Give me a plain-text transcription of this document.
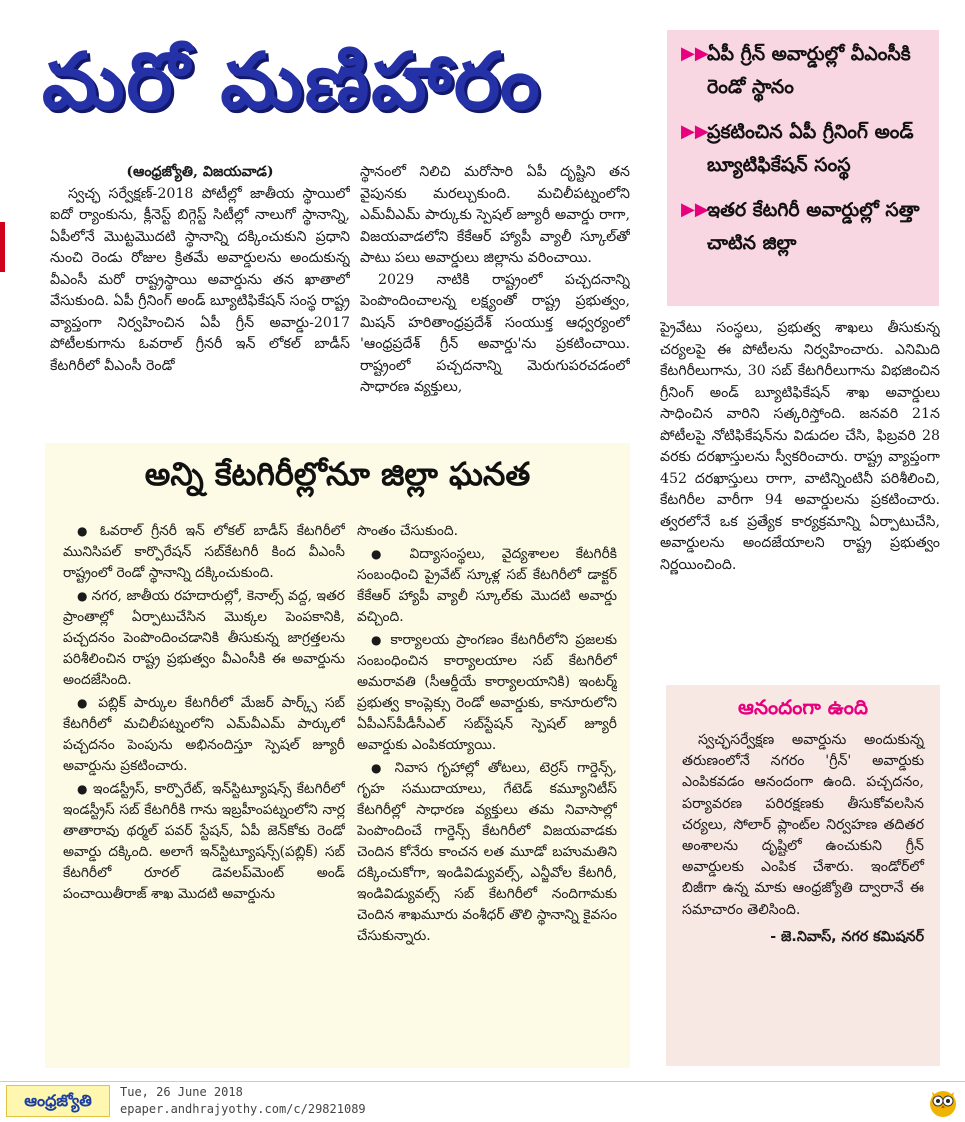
మరో మణిహారం	▶▶
ఏపీ గ్రీన్ అవార్డుల్లో వీఎంసీకి రెండో స్థానం
▶▶
ప్రకటించిన ఏపీ గ్రీనింగ్ అండ్ బ్యూటిఫికేషన్ సంస్థ
▶▶
ఇతర కేటగిరీ అవార్డుల్లో సత్తా చాటిన జిల్లా

(ఆంధ్రజ్యోతి, విజయవాడ)

స్వచ్ఛ సర్వేక్షణ్-2018 పోటీల్లో జాతీయ స్థాయిలో ఐదో ర్యాంకును, క్లీనెస్ట్ బిగ్గెస్ట్ సిటీల్లో నాలుగో స్థానాన్ని, ఏపీలోనే మొట్టమొదటి స్థానాన్ని దక్కించుకుని ప్రధాని నుంచి రెండు రోజుల క్రితమే అవార్డులను అందుకున్న వీఎంసీ మరో రాష్ట్రస్థాయి అవార్డును తన ఖాతాలో వేసుకుంది. ఏపీ గ్రీనింగ్ అండ్ బ్యూటిఫికేషన్ సంస్థ రాష్ట్ర వ్యాప్తంగా నిర్వహించిన ఏపీ గ్రీన్ అవార్డు-2017 పోటీలకుగాను ఓవరాల్ గ్రీనరీ ఇన్ లోకల్ బాడీస్ కేటగిరీలో వీఎంసీ రెండో

స్థానంలో నిలిచి మరోసారి ఏపీ దృష్టిని తన వైపునకు మరల్చుకుంది. మచిలీపట్నంలోని ఎమ్‌వీఎమ్ పార్కుకు స్పెషల్ జ్యూరీ అవార్డు రాగా, విజయవాడలోని కేకేఆర్ హ్యాపీ వ్యాలీ స్కూల్‌తో పాటు పలు అవార్డులు జిల్లాను వరించాయి.

2029 నాటికి రాష్ట్రంలో పచ్చదనాన్ని పెంపొందించాలన్న లక్ష్యంతో రాష్ట్ర ప్రభుత్వం, మిషన్ హరితాంధ్రప్రదేశ్ సంయుక్త ఆధ్వర్యంలో 'ఆంధ్రప్రదేశ్ గ్రీన్ అవార్డు'ను ప్రకటించాయి. రాష్ట్రంలో పచ్చదనాన్ని మెరుగుపరచడంలో సాధారణ వ్యక్తులు,

ప్రైవేటు సంస్థలు, ప్రభుత్వ శాఖలు తీసుకున్న చర్యలపై ఈ పోటీలను నిర్వహించారు. ఎనిమిది కేటగిరీలుగాను, 30 సబ్ కేటగిరీలుగాను విభజించిన గ్రీనింగ్ అండ్ బ్యూటిఫికేషన్ శాఖ అవార్డులు సాధించిన వారిని సత్కరిస్తోంది. జనవరి 21న పోటీలపై నోటిఫికేషన్‌ను విడుదల చేసి, ఫిబ్రవరి 28 వరకు దరఖాస్తులను స్వీకరించారు. రాష్ట్ర వ్యాప్తంగా 452 దరఖాస్తులు రాగా, వాటిన్నింటినీ పరిశీలించి, కేటగిరీల వారీగా 94 అవార్డులను ప్రకటించారు. త్వరలోనే ఒక ప్రత్యేక కార్యక్రమాన్ని ఏర్పాటుచేసి, అవార్డులను అందజేయాలని రాష్ట్ర ప్రభుత్వం నిర్ణయించింది.

అన్ని కేటగిరీల్లోనూ జిల్లా ఘనత

● ఓవరాల్ గ్రీనరీ ఇన్ లోకల్ బాడీస్ కేటగిరీలో మునిసిపల్ కార్పొరేషన్ సబ్‌కేటగిరీ కింద వీఎంసీ రాష్ట్రంలో రెండో స్థానాన్ని దక్కించుకుంది.

● నగర, జాతీయ రహదారుల్లో, కెనాల్స్ వద్ద, ఇతర ప్రాంతాల్లో ఏర్పాటుచేసిన మొక్కల పెంపకానికి, పచ్చదనం పెంపొందించడానికి తీసుకున్న జాగ్రత్తలను పరిశీలించిన రాష్ట్ర ప్రభుత్వం వీఎంసీకి ఈ అవార్డును అందజేసింది.

● పబ్లిక్ పార్కుల కేటగిరీలో మేజర్ పార్క్స్ సబ్ కేటగిరీలో మచిలీపట్నంలోని ఎమ్‌వీఎమ్ పార్కులో పచ్చదనం పెంపును అభినందిస్తూ స్పెషల్ జ్యూరీ అవార్డును ప్రకటించారు.

● ఇండస్ట్రీస్, కార్పొరేట్, ఇన్‌స్టిట్యూషన్స్ కేటగిరీలో ఇండస్ట్రీస్ సబ్ కేటగిరీకి గాను ఇబ్రహీంపట్నంలోని నార్ల తాతారావు థర్మల్ పవర్ స్టేషన్, ఏపీ జెన్‌కోకు రెండో అవార్డు దక్కింది. అలాగే ఇన్‌స్టిట్యూషన్స్(పబ్లిక్) సబ్ కేటగిరీలో రూరల్ డెవలప్‌మెంట్ అండ్ పంచాయితీరాజ్ శాఖ మొదటి అవార్డును

సొంతం చేసుకుంది.

● విద్యాసంస్థలు, వైద్యశాలల కేటగిరీకి సంబంధించి ప్రైవేట్ స్కూళ్ల సబ్ కేటగిరీలో డాక్టర్ కేకేఆర్ హ్యాపీ వ్యాలీ స్కూల్‌కు మొదటి అవార్డు వచ్చింది.

● కార్యాలయ ప్రాంగణం కేటగిరీలోని ప్రజలకు సంబంధించిన కార్యాలయాల సబ్ కేటగిరీలో అమరావతి (సీఆర్డీయే కార్యాలయానికి) ఇంటర్మ్ ప్రభుత్వ కాంప్లెక్సు రెండో అవార్డుకు, కానూరులోని ఏపీఎస్‌పీడీసీఎల్ సబ్‌స్టేషన్ స్పెషల్ జ్యూరీ అవార్డుకు ఎంపికయ్యాయి.

● నివాస గృహాల్లో తోటలు, టెర్రస్ గార్డెన్స్, గృహ సముదాయాలు, గేటెడ్ కమ్యూనిటీస్ కేటగిరీల్లో సాధారణ వ్యక్తులు తమ నివాసాల్లో పెంపొందించే గార్డెన్స్ కేటగిరీలో విజయవాడకు చెందిన కోనేరు కాంచన లత మూడో బహుమతిని దక్కించుకోగా, ఇండివిడ్యువల్స్, ఎన్జీవోల కేటగిరీ, ఇండివిడ్యువల్స్ సబ్ కేటగిరీలో నందిగామకు చెందిన శాఖమూరు వంశీధర్ తొలి స్థానాన్ని కైవసం చేసుకున్నారు.

ఆనందంగా ఉంది

స్వచ్ఛసర్వేక్షణ అవార్డును అందుకున్న తరుణంలోనే నగరం 'గ్రీన్' అవార్డుకు ఎంపికవడం ఆనందంగా ఉంది. పచ్చదనం, పర్యావరణ పరిరక్షణకు తీసుకోవలసిన చర్యలు, సోలార్ ప్లాంట్‌ల నిర్వహణ తదితర అంశాలను దృష్టిలో ఉంచుకుని గ్రీన్ అవార్డులకు ఎంపిక చేశారు. ఇండోర్‌లో బిజీగా ఉన్న మాకు ఆంధ్రజ్యోతి ద్వారానే ఈ సమాచారం తెలిసింది.

- జె.నివాస్, నగర కమిషనర్
ఆంధ్రజ్యోతి	Tue, 26 June 2018
epaper.andhrajyothy.com/c/29821089
